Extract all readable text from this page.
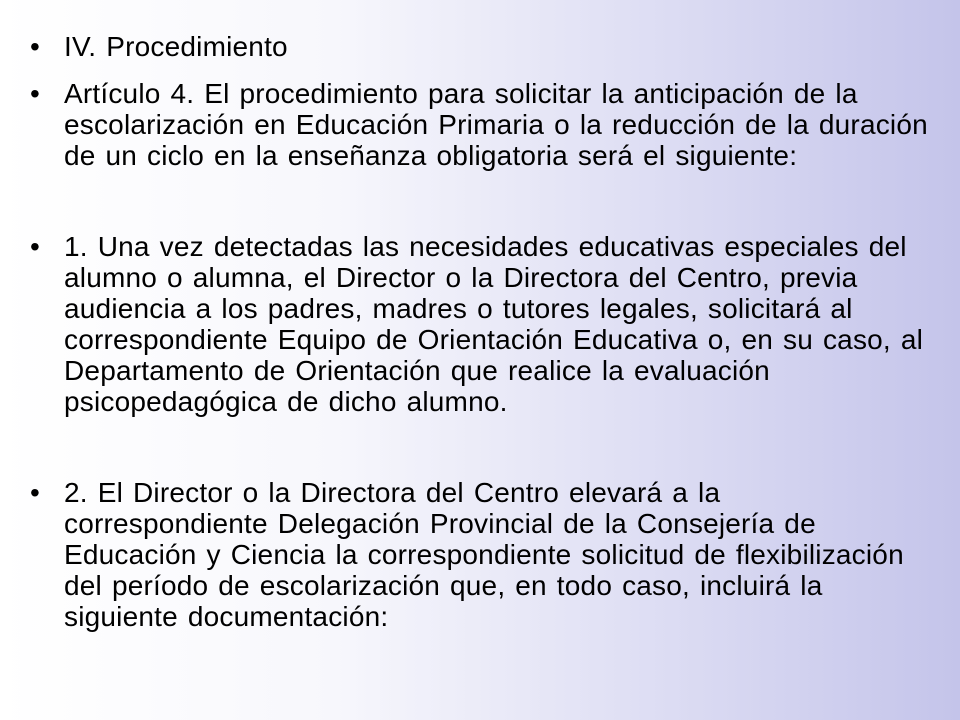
• IV. Procedimiento
• Artículo 4. El procedimiento para solicitar la anticipación de la escolarización en Educación Primaria o la reducción de la duración de un ciclo en la enseñanza obligatoria será el siguiente:
• 1. Una vez detectadas las necesidades educativas especiales del alumno o alumna, el Director o la Directora del Centro, previa audiencia a los padres, madres o tutores legales, solicitará al correspondiente Equipo de Orientación Educativa o, en su caso, al Departamento de Orientación que realice la evaluación psicopedagógica de dicho alumno.
• 2. El Director o la Directora del Centro elevará a la correspondiente Delegación Provincial de la Consejería de Educación y Ciencia la correspondiente solicitud de flexibilización del período de escolarización que, en todo caso, incluirá la siguiente documentación:
